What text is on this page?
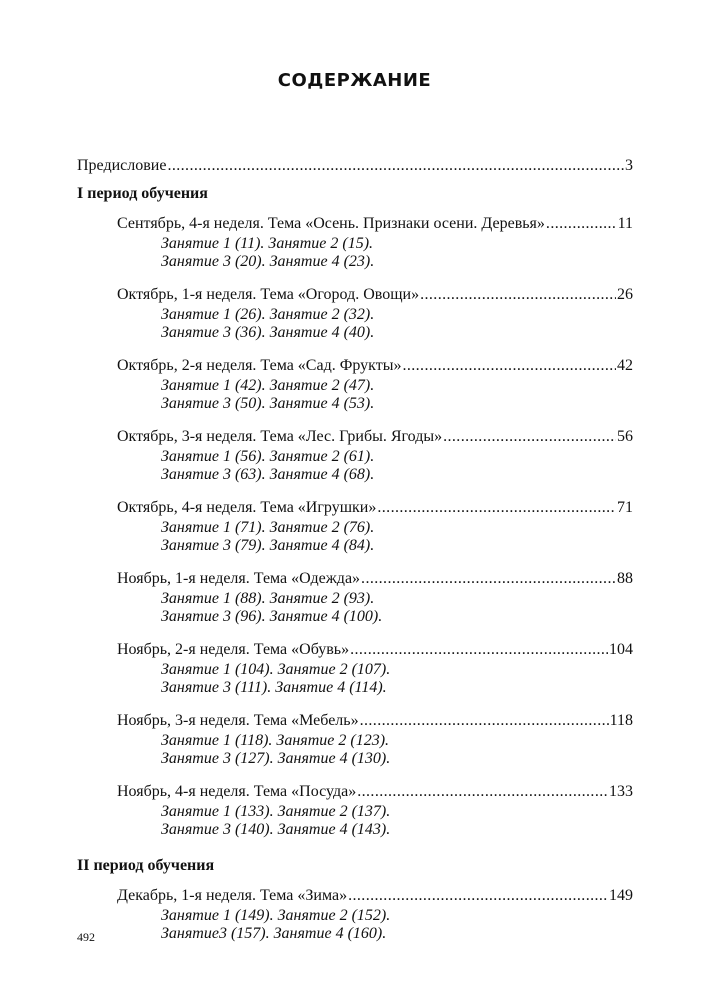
СОДЕРЖАНИЕ
Предисловие .....	3
I период обучения
Сентябрь, 4-я неделя. Тема «Осень. Признаки осени. Деревья» .....	11
Занятие 1 (11). Занятие 2 (15).
Занятие 3 (20). Занятие 4 (23).
Октябрь, 1-я неделя. Тема «Огород. Овощи» .....	26
Занятие 1 (26). Занятие 2 (32).
Занятие 3 (36). Занятие 4 (40).
Октябрь, 2-я неделя. Тема «Сад. Фрукты» .....	42
Занятие 1 (42). Занятие 2 (47).
Занятие 3 (50). Занятие 4 (53).
Октябрь, 3-я неделя. Тема «Лес. Грибы. Ягоды» .....	56
Занятие 1 (56). Занятие 2 (61).
Занятие 3 (63). Занятие 4 (68).
Октябрь, 4-я неделя. Тема «Игрушки» .....	71
Занятие 1 (71). Занятие 2 (76).
Занятие 3 (79). Занятие 4 (84).
Ноябрь, 1-я неделя. Тема «Одежда» .....	88
Занятие 1 (88). Занятие 2 (93).
Занятие 3 (96). Занятие 4 (100).
Ноябрь, 2-я неделя. Тема «Обувь» .....	104
Занятие 1 (104). Занятие 2 (107).
Занятие 3 (111). Занятие 4 (114).
Ноябрь, 3-я неделя. Тема «Мебель» .....	118
Занятие 1 (118). Занятие 2 (123).
Занятие 3 (127). Занятие 4 (130).
Ноябрь, 4-я неделя. Тема «Посуда» .....	133
Занятие 1 (133). Занятие 2 (137).
Занятие 3 (140). Занятие 4 (143).
II период обучения
Декабрь, 1-я неделя. Тема «Зима» .....	149
Занятие 1 (149). Занятие 2 (152).
Занятие3 (157). Занятие 4 (160).
492
